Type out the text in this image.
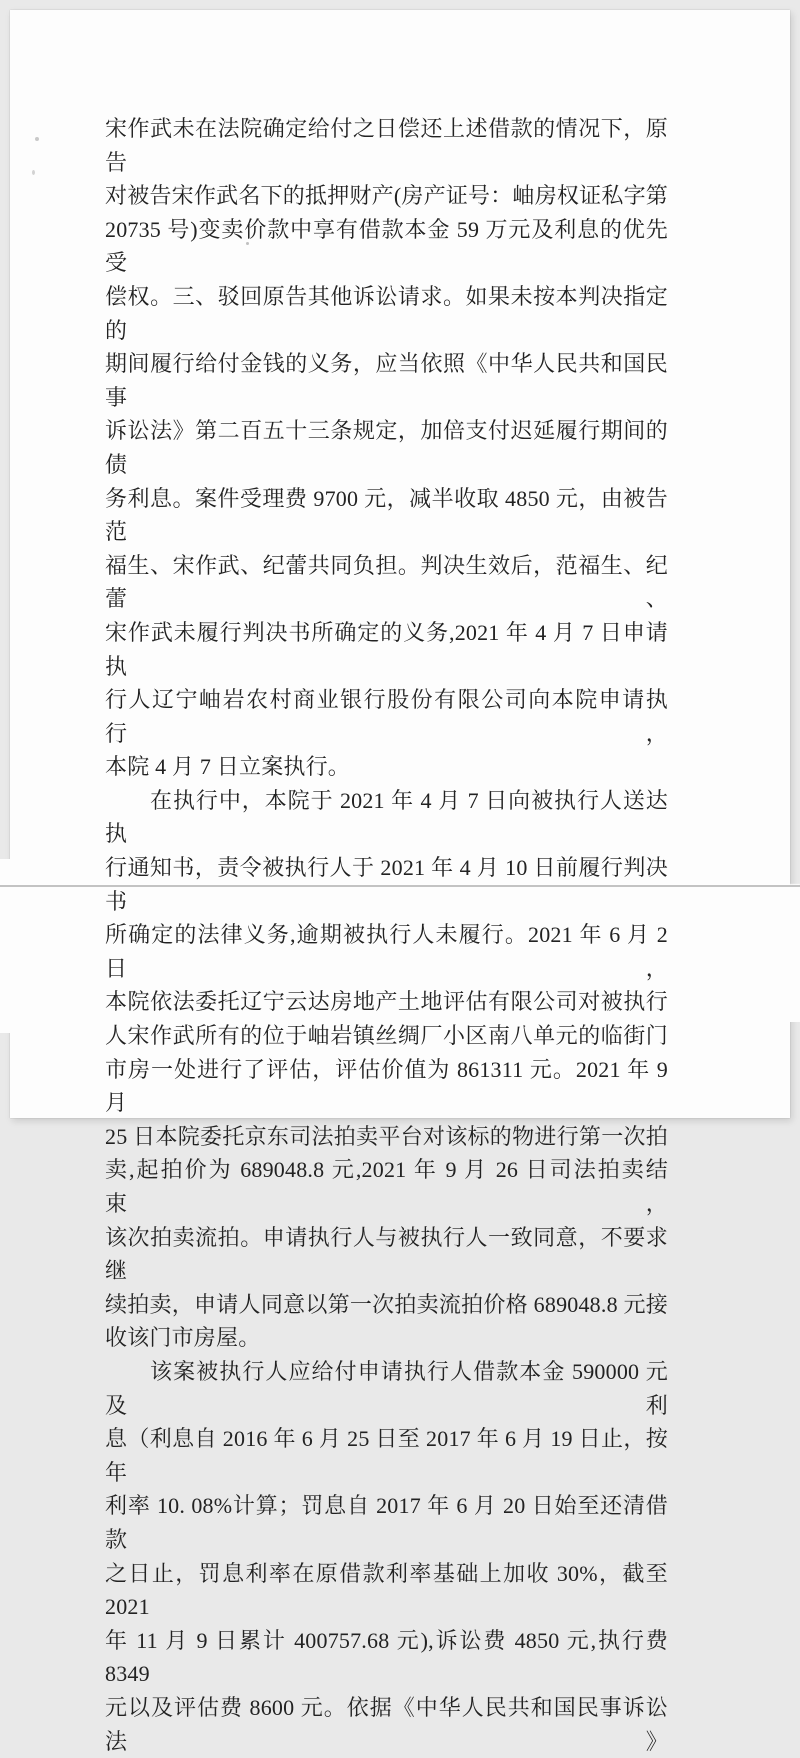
宋作武未在法院确定给付之日偿还上述借款的情况下，原告
对被告宋作武名下的抵押财产(房产证号：岫房权证私字第
20735 号)变卖价款中享有借款本金 59 万元及利息的优先受
偿权。三、驳回原告其他诉讼请求。如果未按本判决指定的
期间履行给付金钱的义务，应当依照《中华人民共和国民事
诉讼法》第二百五十三条规定，加倍支付迟延履行期间的债
务利息。案件受理费 9700 元，减半收取 4850 元，由被告范
福生、宋作武、纪蕾共同负担。判决生效后，范福生、纪蕾、
宋作武未履行判决书所确定的义务,2021 年 4 月 7 日申请执
行人辽宁岫岩农村商业银行股份有限公司向本院申请执行，
本院 4 月 7 日立案执行。
在执行中，本院于 2021 年 4 月 7 日向被执行人送达执
行通知书，责令被执行人于 2021 年 4 月 10 日前履行判决书
所确定的法律义务,逾期被执行人未履行。2021 年 6 月 2 日，
本院依法委托辽宁云达房地产土地评估有限公司对被执行
人宋作武所有的位于岫岩镇丝绸厂小区南八单元的临街门
市房一处进行了评估，评估价值为 861311 元。2021 年 9 月
25 日本院委托京东司法拍卖平台对该标的物进行第一次拍
卖,起拍价为 689048.8 元,2021 年 9 月 26 日司法拍卖结束，
该次拍卖流拍。申请执行人与被执行人一致同意，不要求继
续拍卖，申请人同意以第一次拍卖流拍价格 689048.8 元接
收该门市房屋。
该案被执行人应给付申请执行人借款本金 590000 元及利
息（利息自 2016 年 6 月 25 日至 2017 年 6 月 19 日止，按年
利率 10. 08%计算；罚息自 2017 年 6 月 20 日始至还清借款
之日止，罚息利率在原借款利率基础上加收 30%，截至 2021
年 11 月 9 日累计 400757.68 元),诉讼费 4850 元,执行费 8349
元以及评估费 8600 元。依据《中华人民共和国民事诉讼法》
